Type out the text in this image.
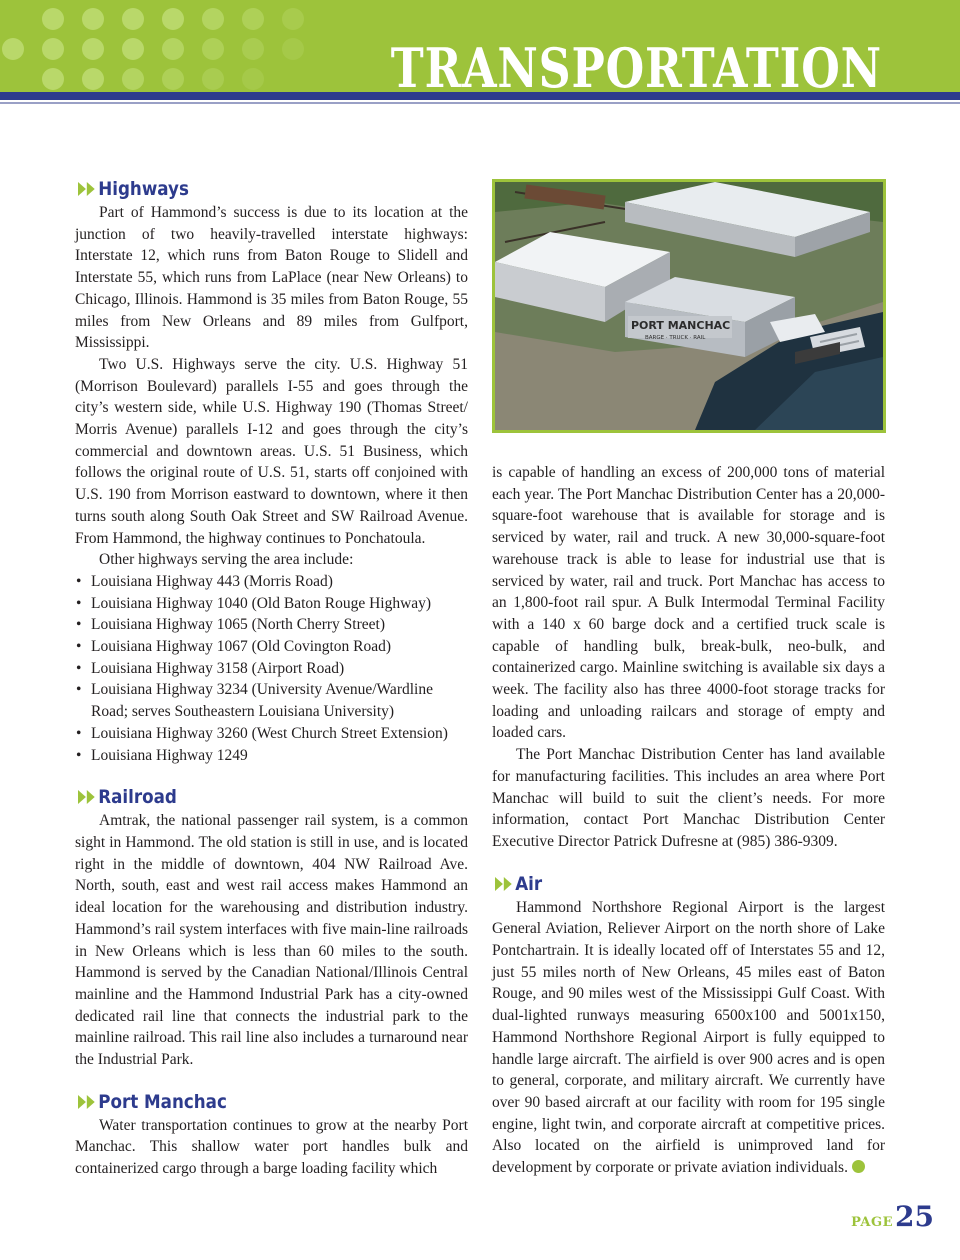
TRANSPORTATION
Highways

Part of Hammond’s success is due to its location at the junction of two heavily-travelled interstate highways: Interstate 12, which runs from Baton Rouge to Slidell and Interstate 55, which runs from LaPlace (near New Orleans) to Chicago, Illinois. Hammond is 35 miles from Baton Rouge, 55 miles from New Orleans and 89 miles from Gulfport, Mississippi.

Two U.S. Highways serve the city. U.S. Highway 51 (Morrison Boulevard) parallels I-55 and goes through the city’s western side, while U.S. Highway 190 (Thomas Street/ Morris Avenue) parallels I-12 and goes through the city’s commercial and downtown areas. U.S. 51 Business, which follows the original route of U.S. 51, starts off conjoined with U.S. 190 from Morrison eastward to downtown, where it then turns south along South Oak Street and SW Railroad Avenue. From Hammond, the highway continues to Ponchatoula.

Other highways serving the area include:

• Louisiana Highway 443 (Morris Road)
• Louisiana Highway 1040 (Old Baton Rouge Highway)
• Louisiana Highway 1065 (North Cherry Street)
• Louisiana Highway 1067 (Old Covington Road)
• Louisiana Highway 3158 (Airport Road)
• Louisiana Highway 3234 (University Avenue/Wardline Road; serves Southeastern Louisiana University)
• Louisiana Highway 3260 (West Church Street Extension)
• Louisiana Highway 1249
Railroad

Amtrak, the national passenger rail system, is a common sight in Hammond. The old station is still in use, and is located right in the middle of downtown, 404 NW Railroad Ave. North, south, east and west rail access makes Hammond an ideal location for the warehousing and distribution industry. Hammond’s rail system interfaces with five main-line railroads in New Orleans which is less than 60 miles to the south. Hammond is served by the Canadian National/Illinois Central mainline and the Hammond Industrial Park has a city-owned dedicated rail line that connects the industrial park to the mainline railroad. This rail line also includes a turnaround near the Industrial Park.

Port Manchac

Water transportation continues to grow at the nearby Port Manchac. This shallow water port handles bulk and containerized cargo through a barge loading facility which

PORT MANCHAC
BARGE · TRUCK · RAIL

is capable of handling an excess of 200,000 tons of material each year. The Port Manchac Distribution Center has a 20,000-square-foot warehouse that is available for storage and is serviced by water, rail and truck. A new 30,000-square-foot warehouse track is able to lease for industrial use that is serviced by water, rail and truck. Port Manchac has access to an 1,800-foot rail spur. A Bulk Intermodal Terminal Facility with a 140 x 60 barge dock and a certified truck scale is capable of handling bulk, break-bulk, neo-bulk, and containerized cargo. Mainline switching is available six days a week. The facility also has three 4000-foot storage tracks for loading and unloading railcars and storage of empty and loaded cars.

The Port Manchac Distribution Center has land available for manufacturing facilities. This includes an area where Port Manchac will build to suit the client’s needs. For more information, contact Port Manchac Distribution Center Executive Director Patrick Dufresne at (985) 386-9309.

Air

Hammond Northshore Regional Airport is the largest General Aviation, Reliever Airport on the north shore of Lake Pontchartrain. It is ideally located off of Interstates 55 and 12, just 55 miles north of New Orleans, 45 miles east of Baton Rouge, and 90 miles west of the Mississippi Gulf Coast. With dual-lighted runways measuring 6500x100 and 5001x150, Hammond Northshore Regional Airport is fully equipped to handle large aircraft. The airfield is over 900 acres and is open to general, corporate, and military aircraft. We currently have over 90 based aircraft at our facility with room for 195 single engine, light twin, and corporate aircraft at competitive prices. Also located on the airfield is unimproved land for development by corporate or private aviation individuals.

PAGE 25
